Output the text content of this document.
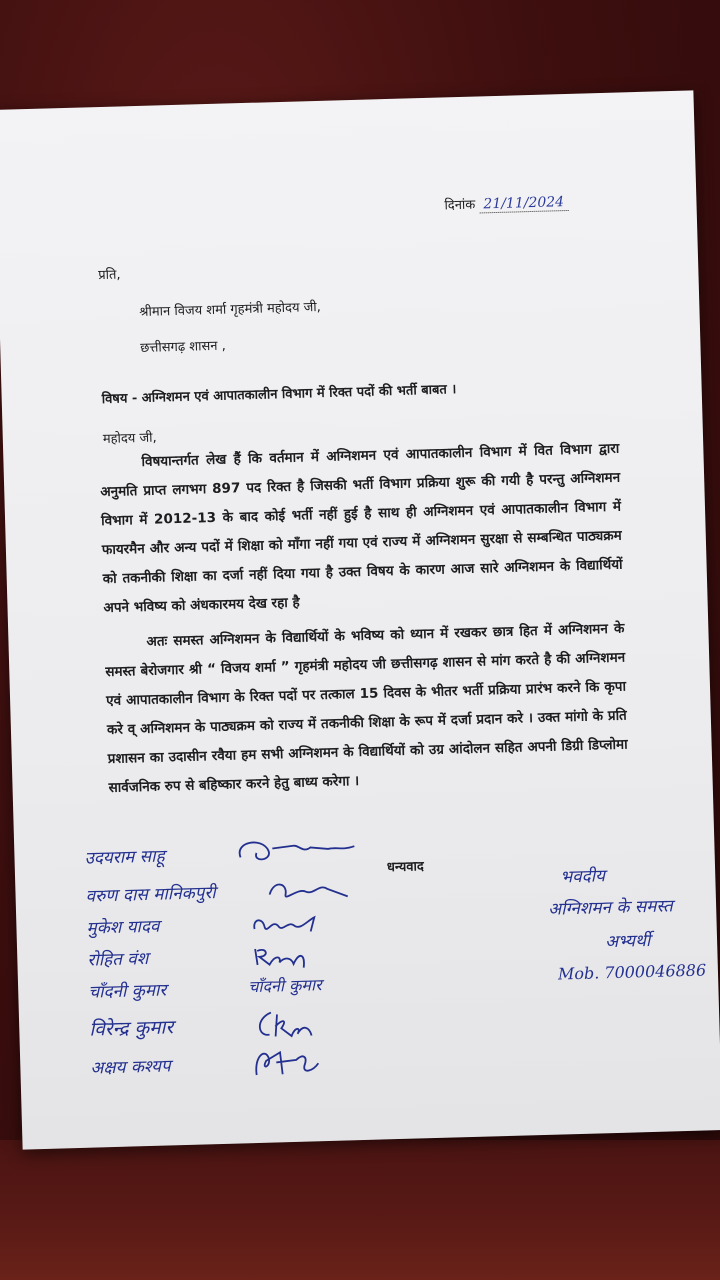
दिनांक 21/11/2024
प्रति,
श्रीमान विजय शर्मा गृहमंत्री महोदय जी,
छत्तीसगढ़ शासन ,
विषय - अग्निशमन एवं आपातकालीन विभाग में रिक्त पदों की भर्ती बाबत ।
महोदय जी,
विषयान्तर्गत लेख हैं कि वर्तमान में अग्निशमन एवं आपातकालीन विभाग में वित विभाग द्वारा अनुमति प्राप्त लगभग 897 पद रिक्त है जिसकी भर्ती विभाग प्रक्रिया शुरू की गयी है परन्तु अग्निशमन विभाग में 2012-13 के बाद कोई भर्ती नहीं हुई है साथ ही अग्निशमन एवं आपातकालीन विभाग में फायरमैन और अन्य पदों में शिक्षा को माँगा नहीं गया एवं राज्य में अग्निशमन सुरक्षा से सम्बन्धित पाठ्यक्रम को तकनीकी शिक्षा का दर्जा नहीं दिया गया है उक्त विषय के कारण आज सारे अग्निशमन के विद्यार्थियों अपने भविष्य को अंधकारमय देख रहा है
अतः समस्त अग्निशमन के विद्यार्थियों के भविष्य को ध्यान में रखकर छात्र हित में अग्निशमन के समस्त बेरोजगार श्री “ विजय शर्मा ” गृहमंत्री महोदय जी छत्तीसगढ़ शासन से मांग करते है की अग्निशमन एवं आपातकालीन विभाग के रिक्त पदों पर तत्काल 15 दिवस के भीतर भर्ती प्रक्रिया प्रारंभ करने कि कृपा करे व् अग्निशमन के पाठ्यक्रम को राज्य में तकनीकी शिक्षा के रूप में दर्जा प्रदान करे । उक्त मांगो के प्रति प्रशासन का उदासीन रवैया हम सभी अग्निशमन के विद्यार्थियों को उग्र आंदोलन सहित अपनी डिग्री डिप्लोमा सार्वजनिक रुप से बहिष्कार करने हेतु बाध्य करेगा ।
धन्यवाद	भवदीय
अग्निशमन के समस्त
अभ्यर्थी
Mob. 7000046886
उदयराम साहू
वरुण दास मानिकपुरी
मुकेश यादव
रोहित वंश
चाँदनी कुमार
विरेन्द्र कुमार
अक्षय कश्यप
चाँदनी कुमार
